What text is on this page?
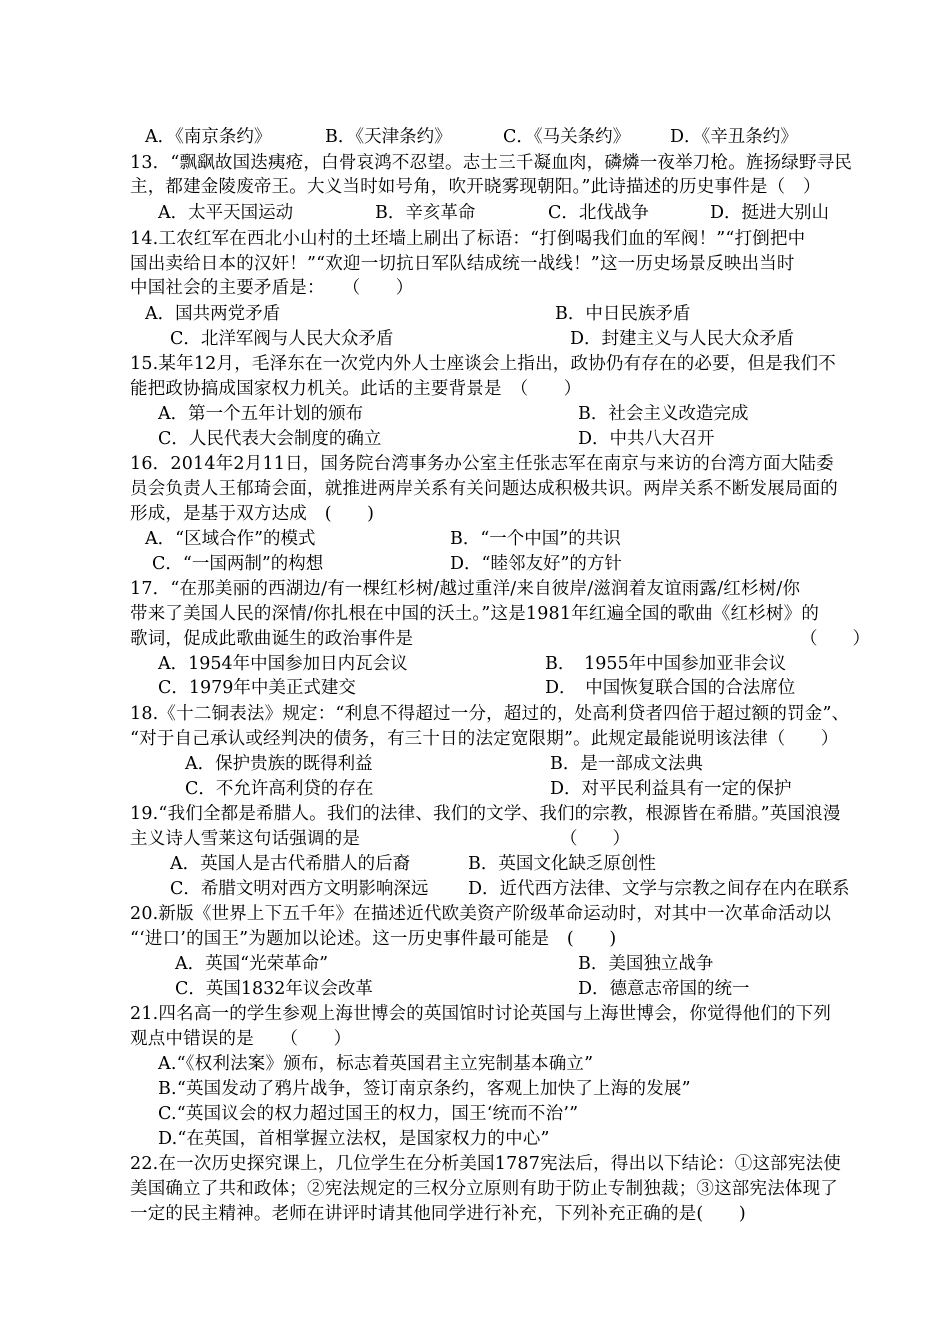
A．《南京条约》	B．《天津条约》	C．《马关条约》 D．《辛丑条约》
13．“飘飖故国迭痍疮，白骨哀鸿不忍望。志士三千凝血肉，磷燐一夜举刀枪。旌扬绿野寻民
主，都建金陵废帝王。大义当时如号角，吹开晓雾现朝阳。”此诗描述的历史事件是（　）
A．太平天国运动	B．辛亥革命	C．北伐战争	D．挺进大别山
14.工农红军在西北小山村的土坯墙上刷出了标语：“打倒喝我们血的军阀！”“打倒把中
国出卖给日本的汉奸！”“欢迎一切抗日军队结成统一战线！”这一历史场景反映出当时
中国社会的主要矛盾是：　　（　　）
A．国共两党矛盾	B．中日民族矛盾
C．北洋军阀与人民大众矛盾	D．封建主义与人民大众矛盾
15.某年12月，毛泽东在一次党内外人士座谈会上指出，政协仍有存在的必要，但是我们不
能把政协搞成国家权力机关。此话的主要背景是　（　　）
A．第一个五年计划的颁布	B．社会主义改造完成
C．人民代表大会制度的确立	D．中共八大召开
16．2014年2月11日，国务院台湾事务办公室主任张志军在南京与来访的台湾方面大陆委
员会负责人王郁琦会面，就推进两岸关系有关问题达成积极共识。两岸关系不断发展局面的
形成，是基于双方达成　(　　)
A．“区域合作”的模式	B．“一个中国”的共识
C．“一国两制”的构想	D．“睦邻友好”的方针
17．“在那美丽的西湖边/有一棵红杉树/越过重洋/来自彼岸/滋润着友谊雨露/红杉树/你
带来了美国人民的深情/你扎根在中国的沃土。”这是1981年红遍全国的歌曲《红杉树》的
歌词，促成此歌曲诞生的政治事件是	（　　）
A．1954年中国参加日内瓦会议	B．　1955年中国参加亚非会议
C．1979年中美正式建交	D．　中国恢复联合国的合法席位
18.《十二铜表法》规定：“利息不得超过一分，超过的，处高利贷者四倍于超过额的罚金”、
“对于自己承认或经判决的债务，有三十日的法定宽限期”。此规定最能说明该法律（　　）
A．保护贵族的既得利益	B．是一部成文法典
C．不允许高利贷的存在	D．对平民利益具有一定的保护
19.“我们全都是希腊人。我们的法律、我们的文学、我们的宗教，根源皆在希腊。”英国浪漫
主义诗人雪莱这句话强调的是	（　　）
A．英国人是古代希腊人的后裔	B．英国文化缺乏原创性
C．希腊文明对西方文明影响深远 D．近代西方法律、文学与宗教之间存在内在联系
20.新版《世界上下五千年》在描述近代欧美资产阶级革命运动时，对其中一次革命活动以
“‘进口’的国王”为题加以论述。这一历史事件最可能是　(　　)
A．英国“光荣革命”	B．美国独立战争
C．英国1832年议会改革	D．德意志帝国的统一
21.四名高一的学生参观上海世博会的英国馆时讨论英国与上海世博会，你觉得他们的下列
观点中错误的是　　（　　）
A.“《权利法案》颁布，标志着英国君主立宪制基本确立”
B.“英国发动了鸦片战争，签订南京条约，客观上加快了上海的发展”
C.“英国议会的权力超过国王的权力，国王‘统而不治’”
D.“在英国，首相掌握立法权，是国家权力的中心”
22.在一次历史探究课上，几位学生在分析美国1787宪法后，得出以下结论：①这部宪法使
美国确立了共和政体；②宪法规定的三权分立原则有助于防止专制独裁；③这部宪法体现了
一定的民主精神。老师在讲评时请其他同学进行补充，下列补充正确的是(　　)
